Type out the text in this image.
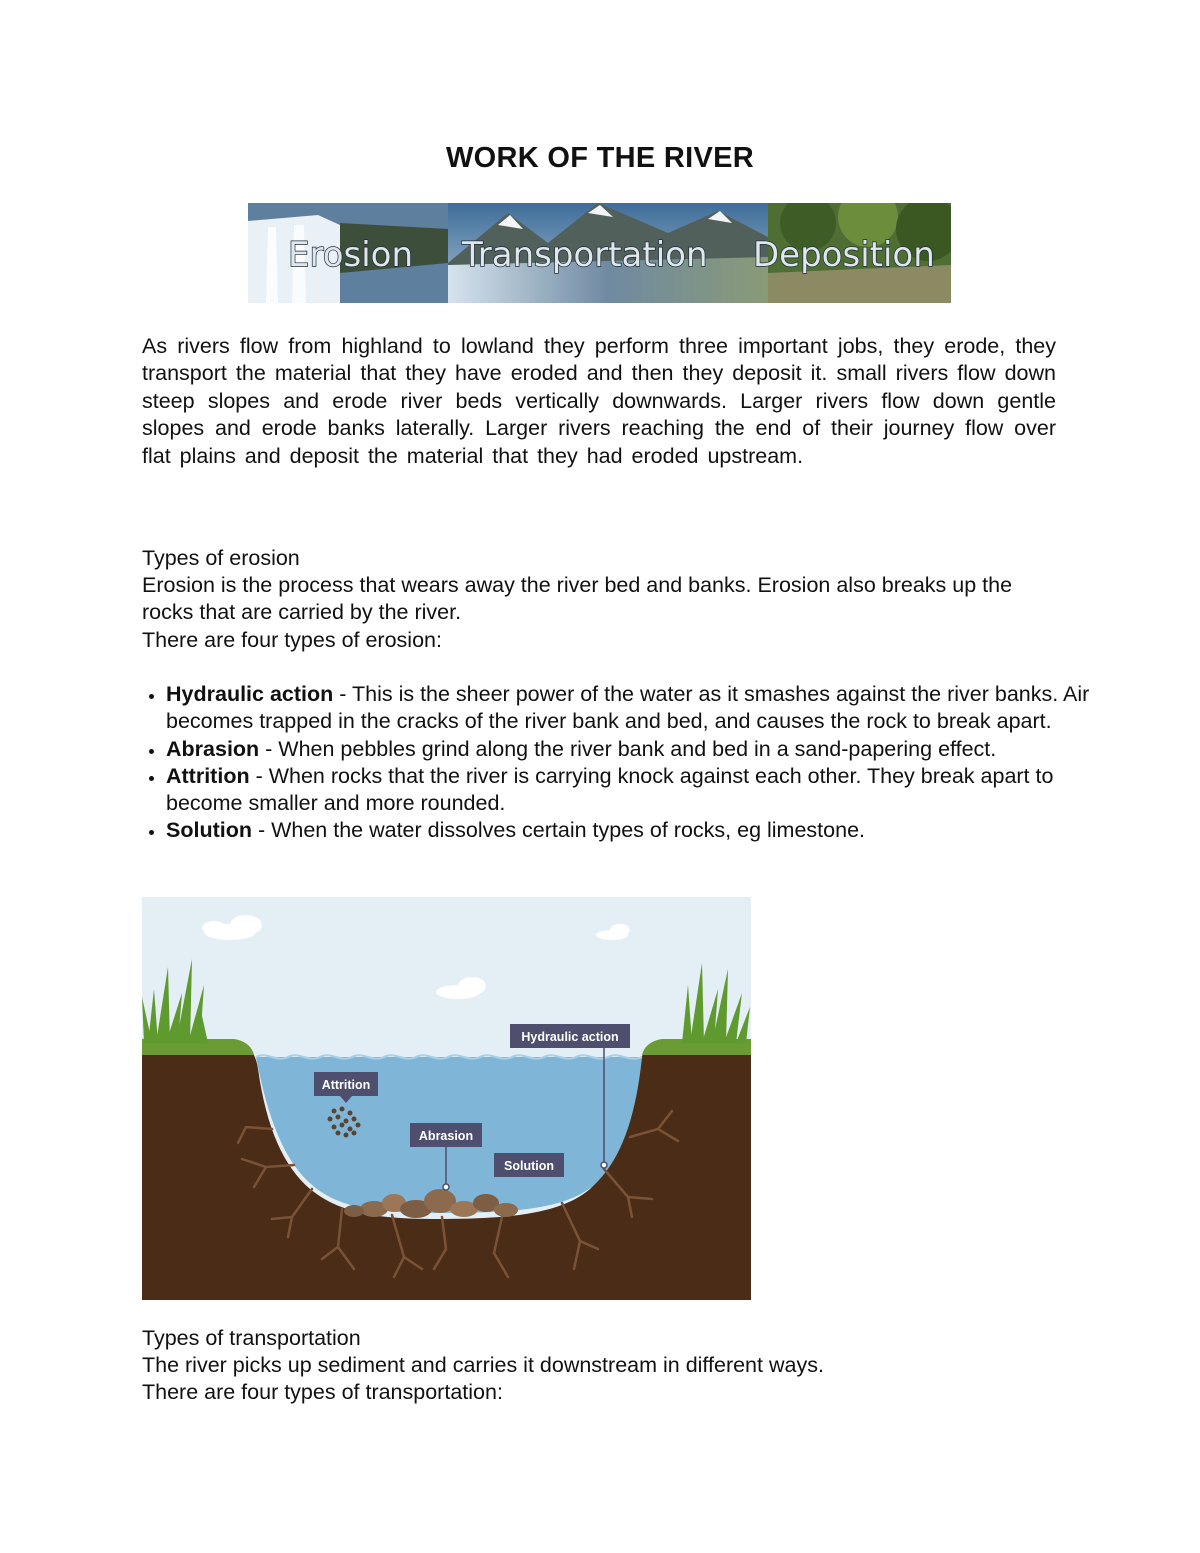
WORK OF THE RIVER
Erosion Transportation Deposition

As rivers flow from highland to lowland they perform three important jobs, they erode, they transport the material that they have eroded and then they deposit it. small rivers flow down steep slopes and erode river beds vertically downwards. Larger rivers flow down gentle slopes and erode banks laterally. Larger rivers reaching the end of their journey flow over flat plains and deposit the material that they had eroded upstream.

Types of erosion

Erosion is the process that wears away the river bed and banks. Erosion also breaks up the rocks that are carried by the river.

There are four types of erosion:

• Hydraulic action - This is the sheer power of the water as it smashes against the river banks. Air becomes trapped in the cracks of the river bank and bed, and causes the rock to break apart.
• Abrasion - When pebbles grind along the river bank and bed in a sand-papering effect.
• Attrition - When rocks that the river is carrying knock against each other. They break apart to become smaller and more rounded.
• Solution - When the water dissolves certain types of rocks, eg limestone.
Hydraulic action
Attrition
Abrasion
Solution

Types of transportation

The river picks up sediment and carries it downstream in different ways.

There are four types of transportation:
